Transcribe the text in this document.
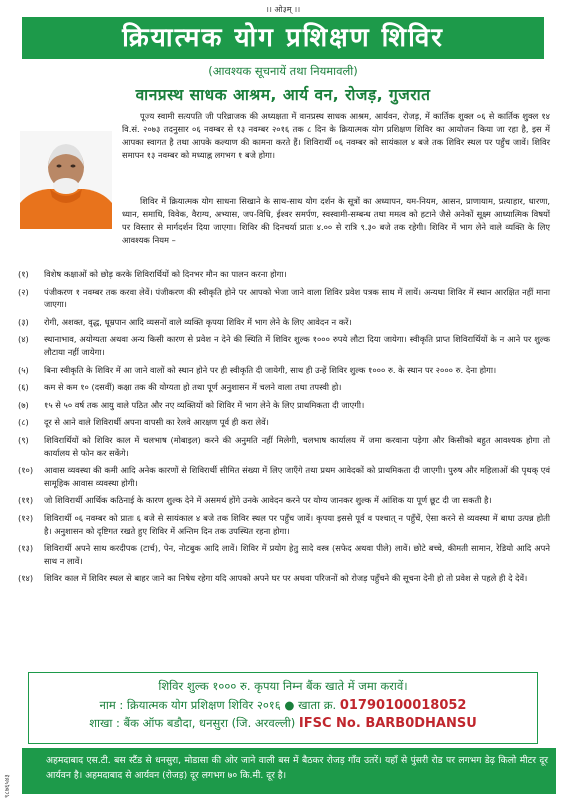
।। ओ३म् ।।
क्रियात्मक योग प्रशिक्षण शिविर
(आवश्यक सूचनायें तथा नियमावली)
वानप्रस्थ साधक आश्रम, आर्य वन, रोजड़, गुजरात

पूज्य स्वामी सत्यपति जी परिव्राजक की अध्यक्षता में वानप्रस्थ साधक आश्रम, आर्यवन, रोजड़, में कार्तिक शुक्ल ०६ से कार्तिक शुक्ल १४ वि.सं. २०७३ तदनुसार ०६ नवम्बर से १३ नवम्बर २०१६ तक ८ दिन के क्रियात्मक योग प्रशिक्षण शिविर का आयोजन किया जा रहा है, इस में आपका स्वागत है तथा आपके कल्याण की कामना करते हैं। शिविरार्थी ०६ नवम्बर को सायंकाल ४ बजे तक शिविर स्थल पर पहुँच जावें। शिविर समापन १३ नवम्बर को मध्याह्न लगभग १ बजे होगा।

शिविर में क्रियात्मक योग साधना सिखाने के साथ-साथ योग दर्शन के सूत्रों का अध्यापन, यम-नियम, आसन, प्राणायाम, प्रत्याहार, धारणा, ध्यान, समाधि, विवेक, वैराग्य, अभ्यास, जप-विधि, ईश्वर समर्पण, स्वस्वामी-सम्बन्ध तथा ममत्व को हटाने जैसे अनेकों सूक्ष्म आध्यात्मिक विषयों पर विस्तार से मार्गदर्शन दिया जाएगा। शिविर की दिनचर्या प्रातः ४.०० से रात्रि ९.३० बजे तक रहेगी। शिविर में भाग लेने वाले व्यक्ति के लिए आवश्यक नियम –

(१)	विशेष कक्षाओं को छोड़ करके शिविरार्थियों को दिनभर मौन का पालन करना होगा।
(२)	पंजीकरण १ नवम्बर तक करवा लेवें। पंजीकरण की स्वीकृति होने पर आपको भेजा जाने वाला शिविर प्रवेश पत्रक साथ में लायें। अन्यथा शिविर में स्थान आरक्षित नहीं माना जाएगा।
(३)	रोगी, अशक्त, वृद्ध, धूम्रपान आदि व्यसनों वाले व्यक्ति कृपया शिविर में भाग लेने के लिए आवेदन न करें।
(४)	स्थानाभाव, अयोग्यता अथवा अन्य किसी कारण से प्रवेश न देने की स्थिति में शिविर शुल्क १००० रुपये लौटा दिया जायेगा। स्वीकृति प्राप्त शिविरार्थियों के न आने पर शुल्क लौटाया नहीं जायेगा।
(५)	बिना स्वीकृति के शिविर में आ जाने वालों को स्थान होने पर ही स्वीकृति दी जायेगी, साथ ही उन्हें शिविर शुल्क १००० रु. के स्थान पर २००० रु. देना होगा।
(६)	कम से कम १० (दसवीं) कक्षा तक की योग्यता हो तथा पूर्ण अनुशासन में चलने वाला तथा तपस्वी हो।
(७)	१५ से ५० वर्ष तक आयु वाले पठित और नए व्यक्तियों को शिविर में भाग लेने के लिए प्राथमिकता दी जाएगी।
(८)	दूर से आने वाले शिविरार्थी अपना वापसी का रेलवे आरक्षण पूर्व ही करा लेवें।
(९)	शिविरार्थियों को शिविर काल में चलभाष (मोबाइल) करने की अनुमति नहीं मिलेगी, चलभाष कार्यालय में जमा करवाना पड़ेगा और किसीको बहुत आवश्यक होगा तो कार्यालय से फोन कर सकेंगे।
(१०)	आवास व्यवस्था की कमी आदि अनेक कारणों से शिविरार्थी सीमित संख्या में लिए जाएँगे तथा प्रथम आवेदकों को प्राथमिकता दी जाएगी। पुरुष और महिलाओं की पृथक् एवं सामूहिक आवास व्यवस्था होगी।
(११)	जो शिविरार्थी आर्थिक कठिनाई के कारण शुल्क देने में असमर्थ होंगे उनके आवेदन करने पर योग्य जानकर शुल्क में आंशिक या पूर्ण छूट दी जा सकती है।
(१२)	शिविरार्थी ०६ नवम्बर को प्रातः ६ बजे से सायंकाल ४ बजे तक शिविर स्थल पर पहुँच जावें। कृपया इससे पूर्व व पश्चात् न पहुँचें, ऐसा करने से व्यवस्था में बाधा उत्पन्न होती है। अनुशासन को दृष्टिगत रखते हुए शिविर में अन्तिम दिन तक उपस्थित रहना होगा।
(१३)	शिविरार्थी अपने साथ करदीपक (टार्च), पेन, नोटबुक आदि लावें। शिविर में प्रयोग हेतु सादे वस्त्र (सफेद अथवा पीले) लावें। छोटे बच्चे, कीमती सामान, रेडियो आदि अपने साथ न लावें।
(१४)	शिविर काल में शिविर स्थल से बाहर जाने का निषेध रहेगा यदि आपको अपने घर पर अथवा परिजनों को रोजड़ पहुँचने की सूचना देनी हो तो प्रवेश से पहले ही दे देवें।
शिविर शुल्क १००० रु. कृपया निम्न बैंक खाते में जमा करावें।
नाम : क्रियात्मक योग प्रशिक्षण शिविर २०१६ ● खाता क्र. 01790100018052
शाखा : बैंक ऑफ बडौदा, धनसुरा (जि. अरवल्ली) IFSC No. BARB0DHANSU
९८७६५४३
अहमदाबाद एस.टी. बस स्टैंड से धनसुरा, मोडासा की ओर जाने वाली बस में बैठकर रोजड़ गाँव उतरें। यहाँ से पुंसरी रोड पर लगभग डेढ़ किलो मीटर दूर आर्यवन है। अहमदाबाद से आर्यवन (रोजड़) दूर लगभग ७० कि.मी. दूर है।
